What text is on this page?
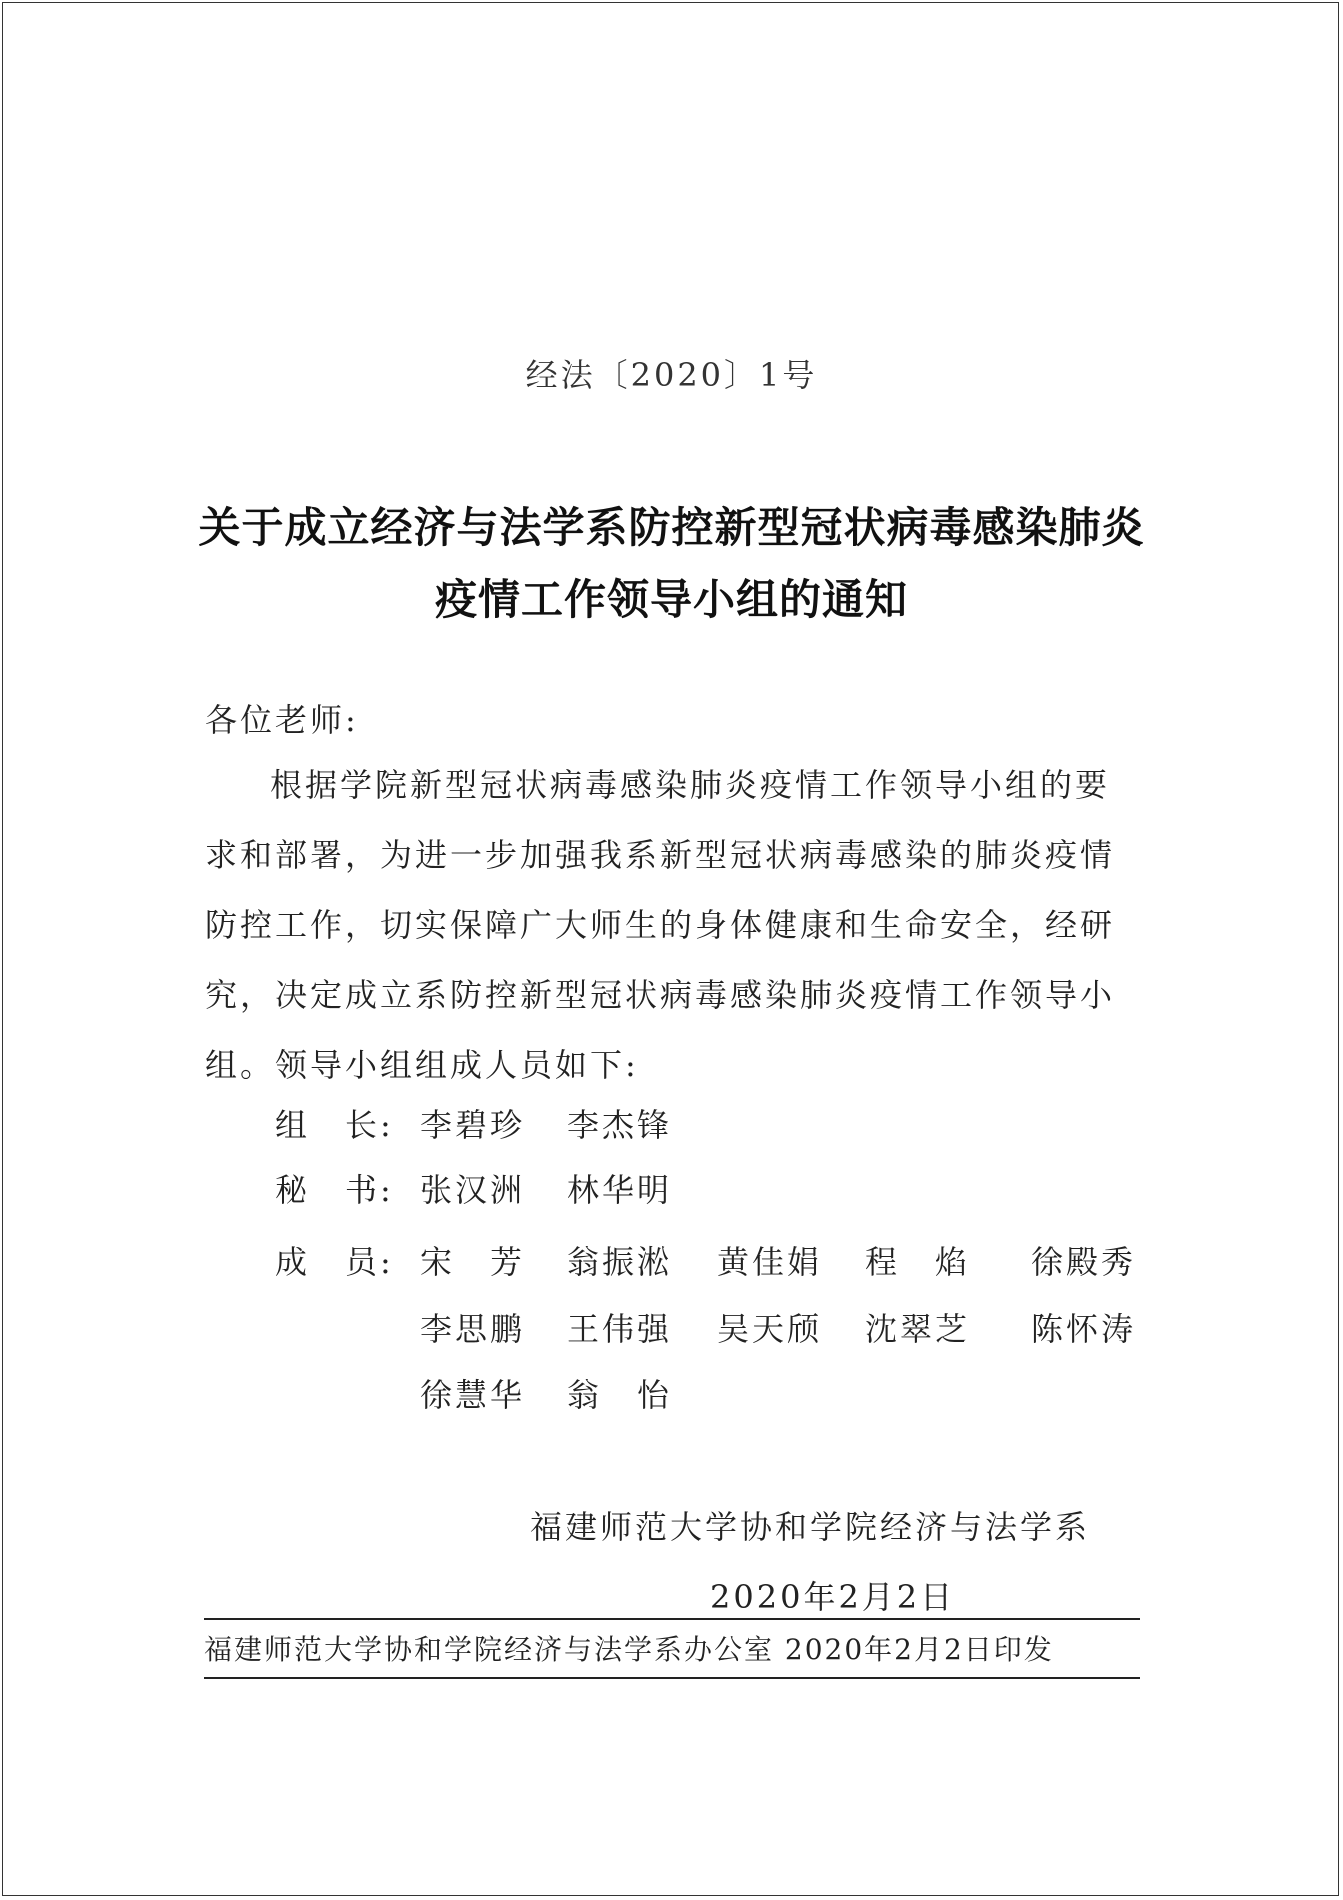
经法〔2020〕1号
关于成立经济与法学系防控新型冠状病毒感染肺炎
疫情工作领导小组的通知
各位老师:
根据学院新型冠状病毒感染肺炎疫情工作领导小组的要
求和部署，为进一步加强我系新型冠状病毒感染的肺炎疫情
防控工作，切实保障广大师生的身体健康和生命安全，经研
究，决定成立系防控新型冠状病毒感染肺炎疫情工作领导小
组。领导小组组成人员如下:
组　长: 李碧珍 李杰锋
秘　书: 张汉洲 林华明
成　员: 宋　芳 翁振淞 黄佳娟 程　焰 徐殿秀
李思鹏 王伟强 吴天颀 沈翠芝 陈怀涛
徐慧华 翁　怡
福建师范大学协和学院经济与法学系
2020年2月2日
福建师范大学协和学院经济与法学系办公室 2020年2月2日印发
